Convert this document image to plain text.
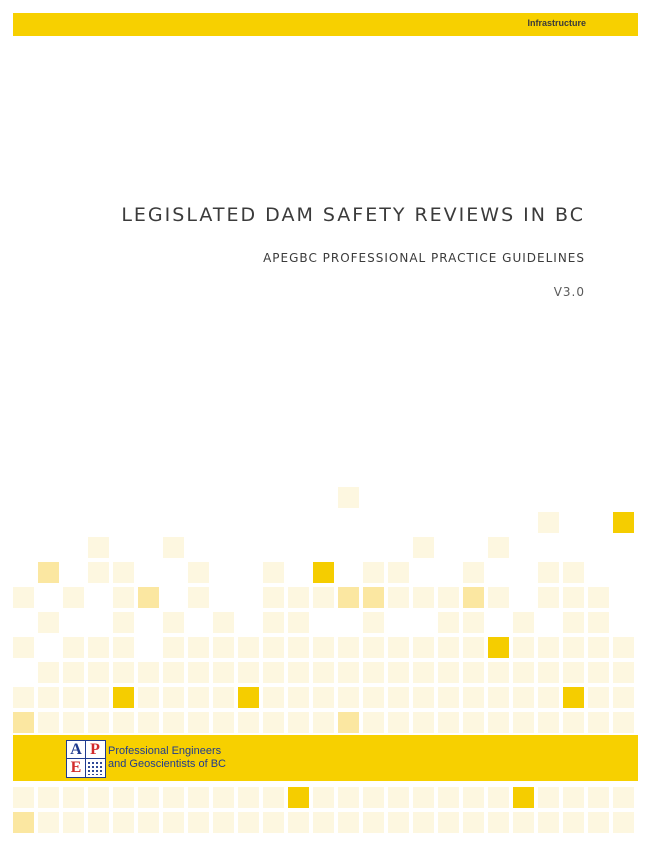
Infrastructure
LEGISLATED DAM SAFETY REVIEWS IN BC
APEGBC PROFESSIONAL PRACTICE GUIDELINES
V3.0
A P
E
Professional Engineers
and Geoscientists of BC
